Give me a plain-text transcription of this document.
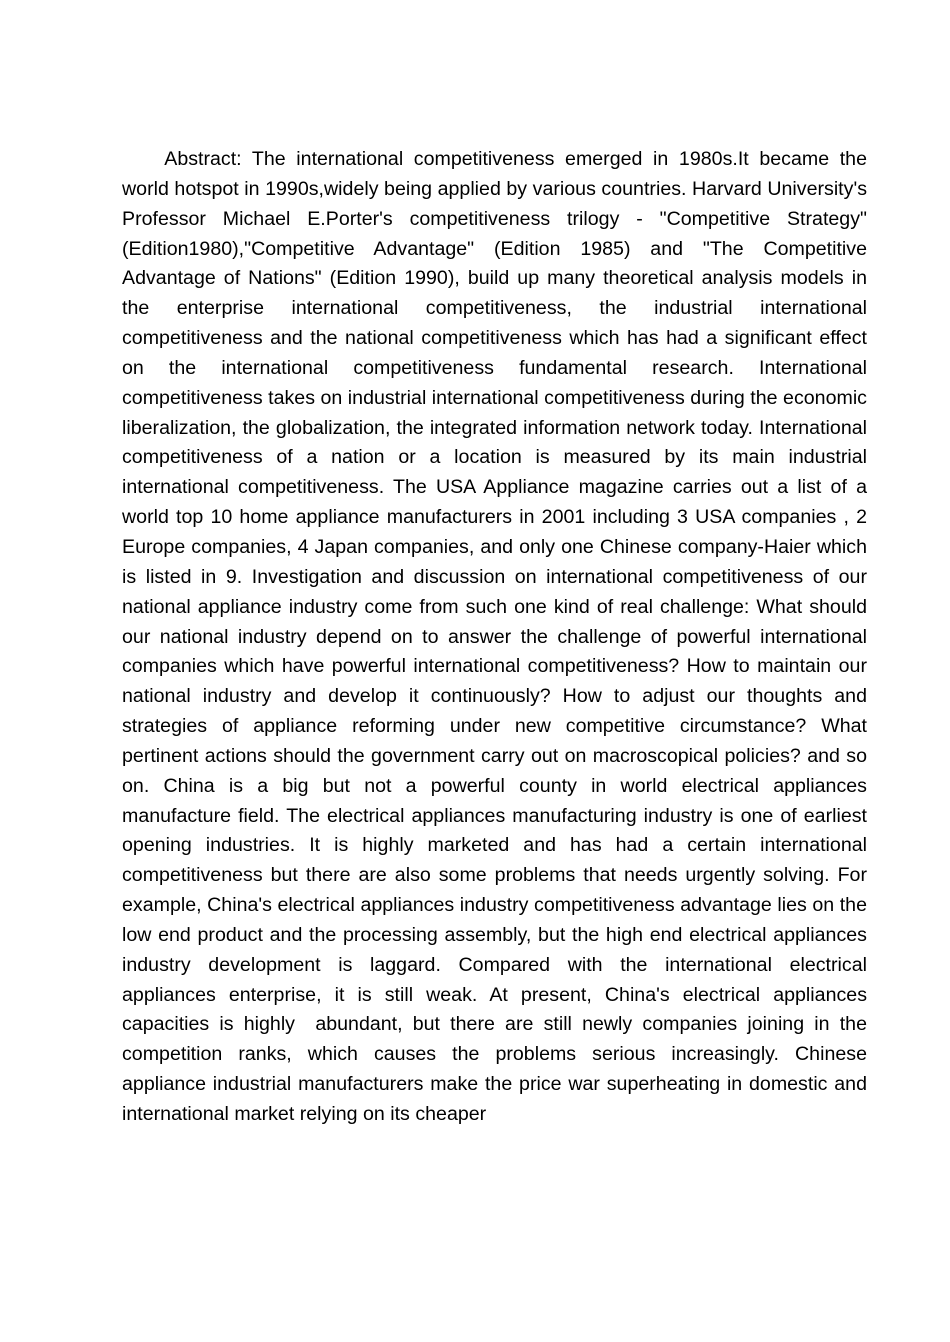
Abstract: The international competitiveness emerged in 1980s.It became the world hotspot in 1990s,widely being applied by various countries. Harvard University's Professor Michael E.Porter's competitiveness trilogy - "Competitive Strategy" (Edition1980),"Competitive Advantage" (Edition 1985) and "The Competitive Advantage of Nations" (Edition 1990), build up many theoretical analysis models in the enterprise international competitiveness, the industrial international competitiveness and the national competitiveness which has had a significant effect on the international competitiveness fundamental research. International competitiveness takes on industrial international competitiveness during the economic liberalization, the globalization, the integrated information network today. International competitiveness of a nation or a location is measured by its main industrial international competitiveness. The USA Appliance magazine carries out a list of a world top 10 home appliance manufacturers in 2001 including 3 USA companies , 2 Europe companies, 4 Japan companies, and only one Chinese company-Haier which is listed in 9. Investigation and discussion on international competitiveness of our national appliance industry come from such one kind of real challenge: What should our national industry depend on to answer the challenge of powerful international companies which have powerful international competitiveness? How to maintain our national industry and develop it continuously? How to adjust our thoughts and strategies of appliance reforming under new competitive circumstance? What pertinent actions should the government carry out on macroscopical policies? and so on. China is a big but not a powerful county in world electrical appliances manufacture field. The electrical appliances manufacturing industry is one of earliest opening industries. It is highly marketed and has had a certain international competitiveness but there are also some problems that needs urgently solving. For example, China's electrical appliances industry competitiveness advantage lies on the low end product and the processing assembly, but the high end electrical appliances industry development is laggard. Compared with the international electrical appliances enterprise, it is still weak. At present, China's electrical appliances capacities is highly  abundant, but there are still newly companies joining in the competition ranks, which causes the problems serious increasingly. Chinese appliance industrial manufacturers make the price war superheating in domestic and international market relying on its cheaper
